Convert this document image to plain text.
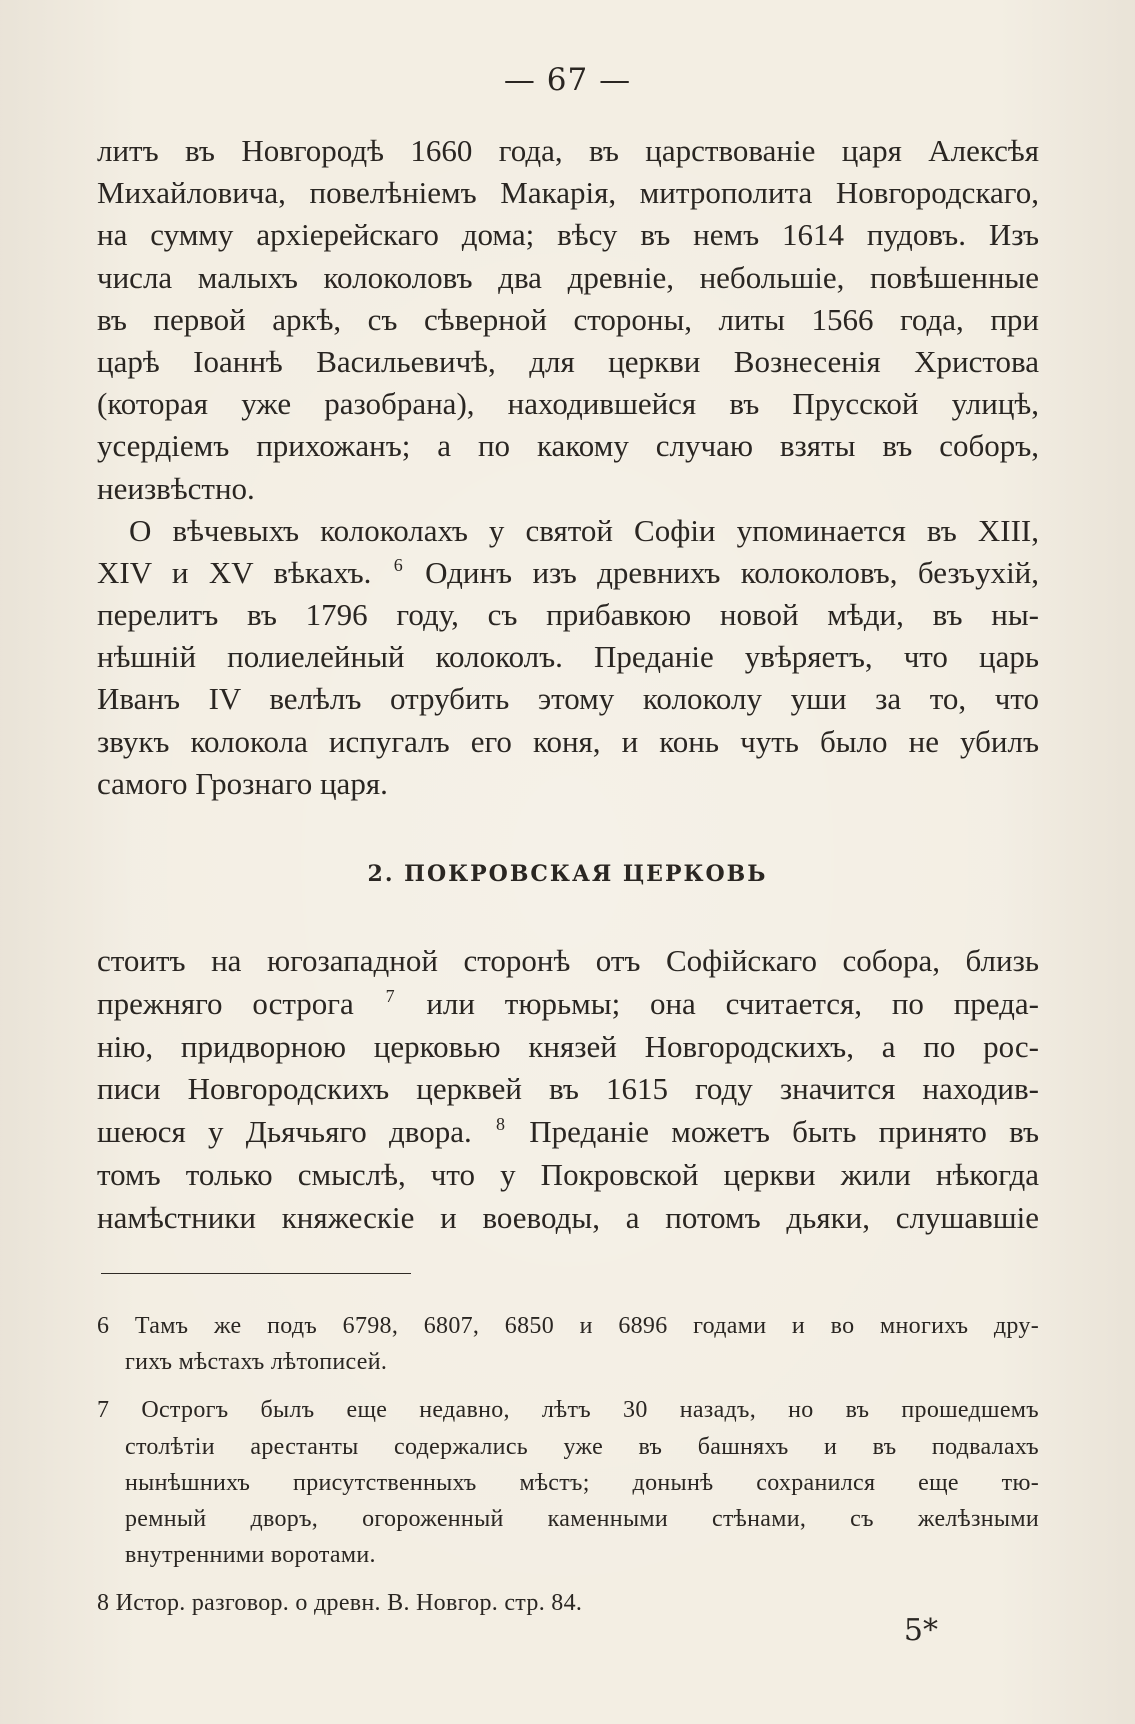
— 67 —
литъ въ Новгородѣ 1660 года, въ царствованіе царя Алексѣя
Михайловича, повелѣніемъ Макарія, митрополита Новгородскаго,
на сумму архіерейскаго дома; вѣсу въ немъ 1614 пудовъ. Изъ
числа малыхъ колоколовъ два древніе, небольшіе, повѣшенные
въ первой аркѣ, съ сѣверной стороны, литы 1566 года, при
царѣ Іоаннѣ Васильевичѣ, для церкви Вознесенія Христова
(которая уже разобрана), находившейся въ Прусской улицѣ,
усердіемъ прихожанъ; а по какому случаю взяты въ соборъ,
неизвѣстно.
О вѣчевыхъ колоколахъ у святой Софіи упоминается въ XIII,
XIV и XV вѣкахъ. $^6$ Одинъ изъ древнихъ колоколовъ, безъухій,
перелитъ въ 1796 году, съ прибавкою новой мѣди, въ ны-
нѣшній полиелейный колоколъ. Преданіе увѣряетъ, что царь
Иванъ IV велѣлъ отрубить этому колоколу уши за то, что
звукъ колокола испугалъ его коня, и конь чуть было не убилъ
самого Грознаго царя.
2. ПОКРОВСКАЯ ЦЕРКОВЬ
стоитъ на югозападной сторонѣ отъ Софійскаго собора, близь
прежняго острога $^7$ или тюрьмы; она считается, по преда-
нію, придворною церковью князей Новгородскихъ, а по рос-
писи Новгородскихъ церквей въ 1615 году значится находив-
шеюся у Дьячьяго двора. $^8$ Преданіе можетъ быть принято въ
томъ только смыслѣ, что у Покровской церкви жили нѣкогда
намѣстники княжескіе и воеводы, а потомъ дьяки, слушавшіе
6 Тамъ же подъ 6798, 6807, 6850 и 6896 годами и во многихъ дру-
гихъ мѣстахъ лѣтописей.
7 Острогъ былъ еще недавно, лѣтъ 30 назадъ, но въ прошедшемъ
столѣтіи арестанты содержались уже въ башняхъ и въ подвалахъ
нынѣшнихъ присутственныхъ мѣстъ; донынѣ сохранился еще тю-
ремный дворъ, огороженный каменными стѣнами, съ желѣзными
внутренними воротами.
8 Истор. разговор. о древн. В. Новгор. стр. 84.
5*
